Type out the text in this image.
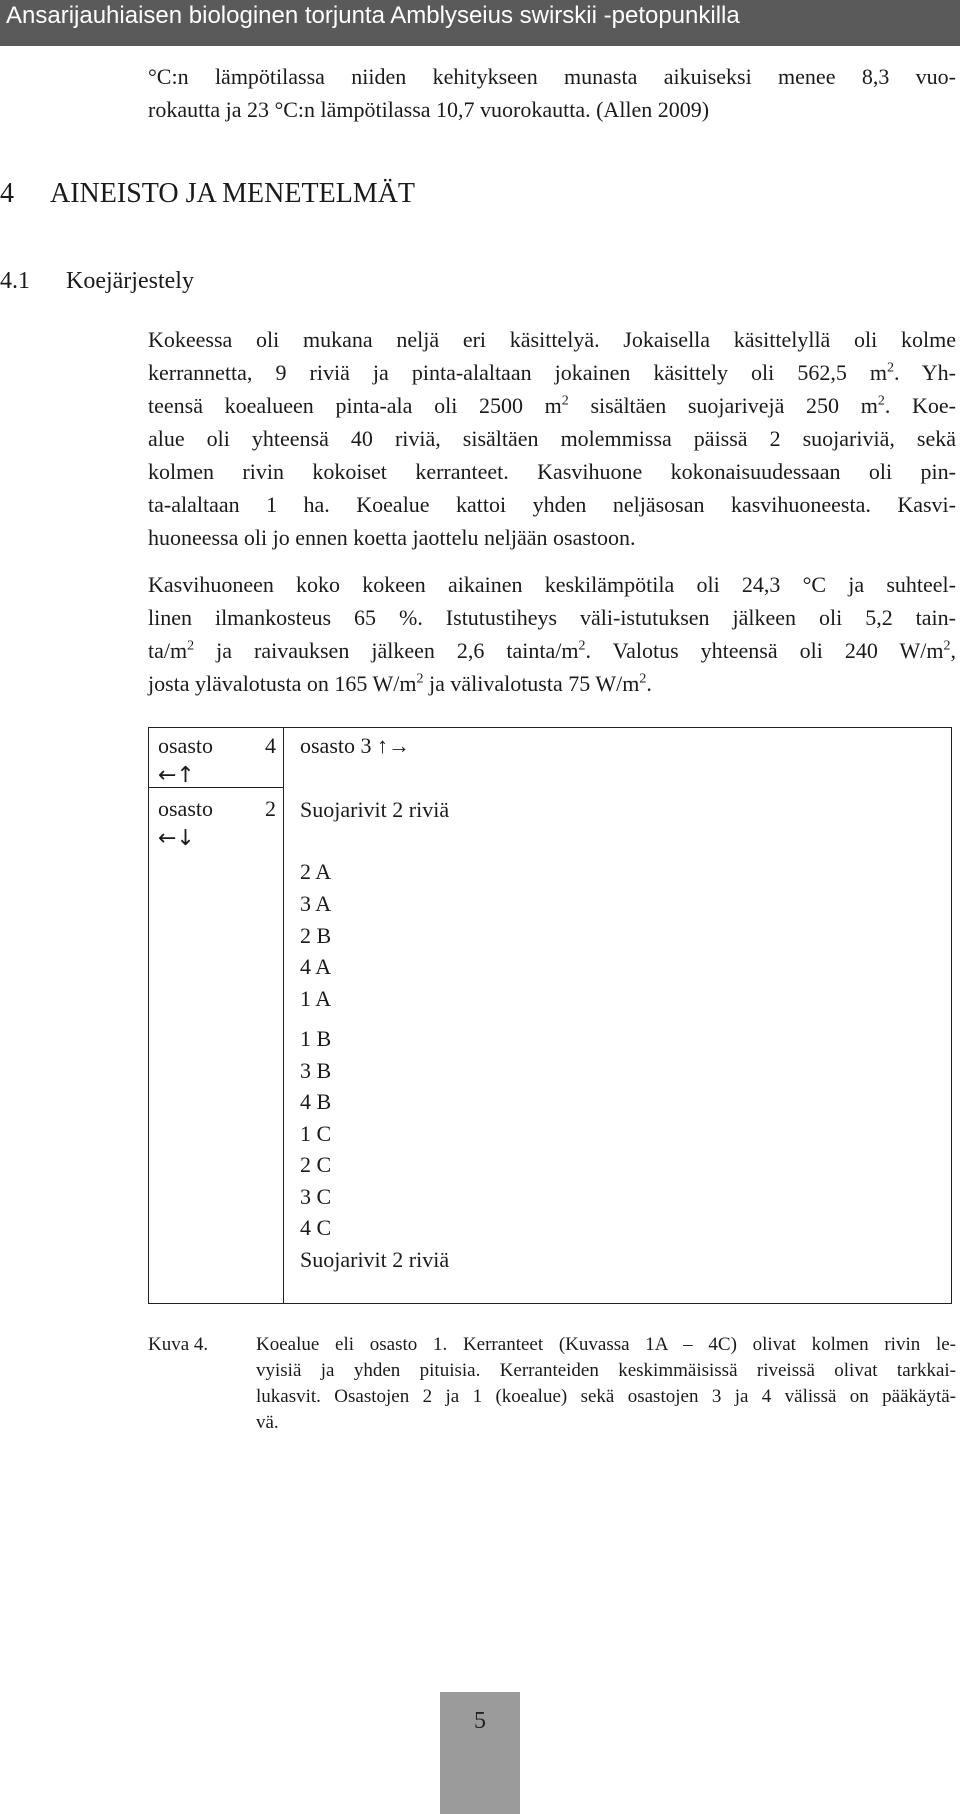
Ansarijauhiaisen biologinen torjunta Amblyseius swirskii -petopunkilla
°C:n lämpötilassa niiden kehitykseen munasta aikuiseksi menee 8,3 vuo-
rokautta ja 23 °C:n lämpötilassa 10,7 vuorokautta. (Allen 2009)
4 AINEISTO JA MENETELMÄT
4.1 Koejärjestely
Kokeessa oli mukana neljä eri käsittelyä. Jokaisella käsittelyllä oli kolme
kerrannetta, 9 riviä ja pinta-alaltaan jokainen käsittely oli 562,5 $m^2$. Yh-
teensä koealueen pinta-ala oli 2500 $m^2$ sisältäen suojarivejä 250 $m^2$. Koe-
alue oli yhteensä 40 riviä, sisältäen molemmissa päissä 2 suojariviä, sekä
kolmen rivin kokoiset kerranteet. Kasvihuone kokonaisuudessaan oli pin-
ta-alaltaan 1 ha. Koealue kattoi yhden neljäsosan kasvihuoneesta. Kasvi-
huoneessa oli jo ennen koetta jaottelu neljään osastoon.
Kasvihuoneen koko kokeen aikainen keskilämpötila oli 24,3 °C ja suhteel-
linen ilmankosteus 65 %. Istutustiheys väli-istutuksen jälkeen oli 5,2 tain-
$ta/m^2$ ja raivauksen jälkeen 2,6 tainta/$m^2$. Valotus yhteensä oli 240 $W/m^2$,
josta ylävalotusta on 165 $W/m^2$ ja välivalotusta 75 $W/m^2$.
osasto 4
←↑
osasto 2
←↓
osasto 3 ↑→
Suojarivit 2 riviä
2 A
3 A
2 B
4 A
1 A
1 B
3 B
4 B
1 C
2 C
3 C
4 C
Suojarivit 2 riviä
Kuva 4.	Koealue eli osasto 1. Kerranteet (Kuvassa 1A – 4C) olivat kolmen rivin le-
vyisiä ja yhden pituisia. Kerranteiden keskimmäisissä riveissä olivat tarkkai-
lukasvit. Osastojen 2 ja 1 (koealue) sekä osastojen 3 ja 4 välissä on pääkäytä-
vä.
5
